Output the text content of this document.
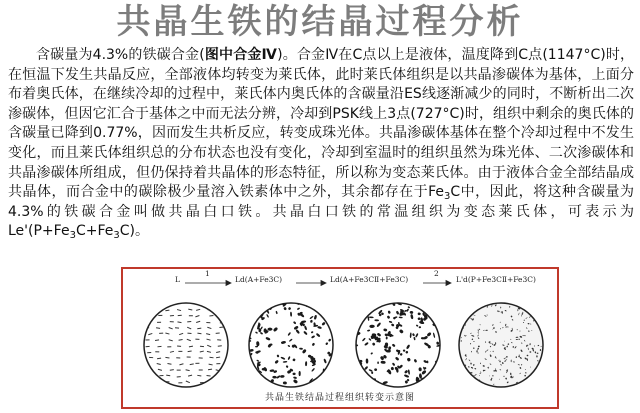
共晶生铁的结晶过程分析
含碳量为4.3%的铁碳合金(图中合金Ⅳ)。合金Ⅳ在C点以上是液体，温度降到C点(1147°C)时，在恒温下发生共晶反应，全部液体均转变为莱氏体，此时莱氏体组织是以共晶渗碳体为基体，上面分布着奥氏体，在继续冷却的过程中，莱氏体内奥氏体的含碳量沿ES线逐渐减少的同时，不断析出二次渗碳体，但因它汇合于基体之中而无法分辨，冷却到PSK线上3点(727°C)时，组织中剩余的奥氏体的含碳量已降到0.77%，因而发生共析反应，转变成珠光体。共晶渗碳体基体在整个冷却过程中不发生变化，而且莱氏体组织总的分布状态也没有变化，冷却到室温时的组织虽然为珠光体、二次渗碳体和共晶渗碳体所组成，但仍保持着共晶体的形态特征，所以称为变态莱氏体。由于液体合金全部结晶成共晶体，而合金中的碳除极少量溶入铁素体中之外，其余都存在于$Fe_3C$中，因此，将这种含碳量为4.3%的铁碳合金叫做共晶白口铁。共晶白口铁的常温组织为变态莱氏体，可表示为$Le'(P+Fe_3C+Fe_3C)$。
L
1
Ld(A+Fe3C)	Ld(A+Fe3CⅡ+Fe3C)
2
L'd(P+Fe3CⅡ+Fe3C)
共晶生铁结晶过程组织转变示意图
